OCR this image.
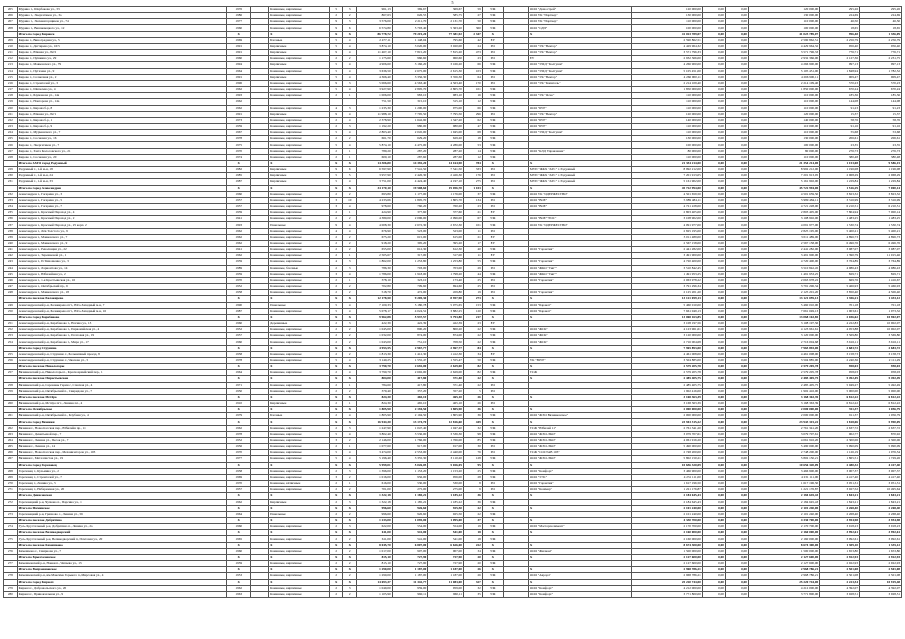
5
205	Мурино г., Шарбакова ул., 33	1976		Каменные, кирпичные	5	3	961,13	369,67	369,67	59	УЖ		ООО "Домострой"	120 000,00	0,00	0,00	120 000,00	295,26	295,26
206	Мурино г., Энергетиков ул., 3а	1986		Каменные, кирпичные	2	2	867,63	626,55	585,75	27	УЖ		ООО УК "Партнер"	130 000,00	0,00	0,00	130 000,00	224,69	224,69
207	Мурино г., Экскаваторщиков ул., 74	1977		Каменные, кирпичные	9	3	3 576,00	2 211,70	2 131,70	50	УЖ		ООО УК "Партнер"	110 000,00	0,00	0,00	110 000,00	46,50	46,50
208	Мурино г., Вишневецкого ул., 12	1960		Каменные, кирпичные	9	6	6 574,80	5 793,40	5 363,20	360	УЖ		ООО "СДП"	100 000,00	0,00	0,00	100 000,00	18,65	18,65
	Итого по город Кировск	X		X	X	X	86 778,72	79 219,20	77 381,92	2 347	X		X	41 023 789,07	0,00	0,00	41 023 789,07	996,48	1 356,09
209	Кирово г., Виноградная ул., 5	1969		Блочные	5	4	2 477,11	1 148,04	795,60	42	ЕУ			2 590 862,51	0,00	0,00	2 590 862,51	2 256,79	2 256,79
210	Кирово г., Дегтярева ул., 16/5	1991		Кирпичные	5	4	3 874,10	3 020,00	3 020,00	24	РО		ООО "УК "Вектор"	4 429 964,32	0,00	0,00	4 429 964,32	956,40	956,40
211	Кирово г., Южная ул., 82/2	1991		Кирпичные	9	4	11 467,10	7 815,20	7 815,20	473	РО		ООО "УК "Вектор"	3 571 796,33	0,00	0,00	3 571 796,33	776,71	776,71
212	Кирово г., Пушкина ул., 29	1960		Каменные, кирпичные	2	2	1 175,60	960,60	960,60	23	РО		ЕУ	2 932 366,00	0,00	0,00	2 932 366,00	2 127,36	2 231,75
213	Кирово г., Маяковского ул., 79	1994		Кирпичные	5	4	4 906,60	3 166,20	3 166,20	66	УЖ		ООО "УМД "Колтуши"	4 266 900,00	0,00	0,00	4 266 900,00	997,13	997,13
214	Кирово г., Пугачева ул., 9	1964		Каменные, кирпичные	5	4	3 636,50	2 675,00	2 615,30	103	УЖ		ООО "УМД "Колтуши"	5 105 451,00	0,00	0,00	5 105 451,00	1 848,94	1 782,52
215	Кирово г., Солнечная ул., 2	1991		Кирпичные	5	4	4 366,40	3 356,30	3 356,30	64	РО		ООО "УК "Вектор"	4 266 900,11	0,00	0,00	4 266 900,11	909,47	909,47
216	Кирово г., Строителей ул., 3	1996		Каменные, кирпичные	9	3	5 066,60	4 563,40	4 563,40	170	РО		ООО "УК "Капитель"	2 214 109,40	0,00	0,00	2 214 109,40	570,23	570,23
217	Кирово г., Шепелева ул., 4	1962		Каменные, кирпичные	5	4	3 927,90	2 805,70	2 805,70	101	УЖ			1 850 000,00	0,00	0,00	1 850 000,00	670,24	670,24
218	Кирово г., Бауманова ул., 14а	1993		Каменные, кирпичные	2	1	1 006,00	983,10	983,10	16	УЖ		ООО "УК "Ясно"	110 000,00	0,00	0,00	110 000,00	185,36	185,36
219	Кирово г., Новгорова ул., 14а	1962					751,50	315,10	315,10	12	УЖ			110 000,00	0,00	0,00	110 000,00	144,08	144,08
220	Кирово г., Кирова б-р, 8	1962		Каменные, кирпичные	4	3	1 235,30	1 200,00	975,00	66	УЖ		ООО "БУР"	110 000,00	0,00	0,00	110 000,00	91,23	91,23
221	Кирово г., Южная ул., 82/1	1991		Кирпичные	9	4	11 988,10	7 795,50	7 795,50	296	РО		ООО "УК "Вектор"	120 000,00	0,00	0,00	120 000,00	15,37	15,37
222	Кирово г., Кирова б-р, 1	1973		Каменные, кирпичные	2	4	2 378,90	1 642,90	1 347,20	62	УЖ		ООО "БУР"	140 000,00	0,00	0,00	140 000,00	58,76	58,76
223	Кирово г., Кирова б-р, 9	1959		Каменные, кирпичные	2	3	1 192,20	980,00	980,00	47	УЖ		ООО "БУР"	110 000,00	0,00	0,00	110 000,00	91,16	91,16
224	Кирово г., Мурманского ул., 7	1967		Каменные, кирпичные	5	4	2 863,40	2 045,00	1 945,00	68	УЖ		ООО "УМД "Колтуши"	110 000,00	0,00	0,00	110 000,00	55,68	53,68
225	Кирово г., Сосновая ул., 16	1978		Каменные, кирпичные	2	2	661,70	629,20	629,20	18	УЖ			130 000,00	0,00	0,00	130 000,00	206,61	206,61
226	Кирово г., Энергетиков ул., 7	1975		Каменные, кирпичные	5	4	5 874,10	4 475,00	4 286,00	53	УЖ			100 000,00	0,00	0,00	100 000,00	23,35	23,35
227	Кирово г., Злата Колосовского ул., 21	1970		Каменные, кирпичные	2	1	789,20	287,20	287,20	14	УЖ		ООО "КЛД Управление"	80 000,00	0,00	0,00	80 000,00	276,73	276,73
228	Кирово г., Сосновая ул., 20	1974		Каменные, кирпичные	2	1	600,10	287,60	287,60	12	УЖ			110 000,00	0,00	0,00	110 000,00	380,48	380,48
	Итого по ЗАТО город Радужный	X		X	X	X	14 306,80	14 392,20	14 164,90	784	X		X	21 354 214,00	0,00	0,00	21 354 214,00	1 153,08	9 586,15
229	Радужный г., 1-й м-н, 18	1982		Кирпичные	9	6	6 597,90	7 541,50	7 541,50	333	РО		МУП "ЖКХ "АТС" г. Радужный	8 992 212,00	0,00	0,00	8 992 212,00	1 196,08	1 196,08
230	Радужный г., 1-й м-н, 24	1985		Кирпичные	5	5	3 957,90	2 426,30	2 426,30	176	РО		МУП "ЖКХ "АТС" г. Радужный	7 201 913,05	0,00	0,00	7 201 913,05	2 968,29	2 968,29
231	Радужный г., 1-й м-н, 33	1987		Кирпичные	5	4	3 751,00	4 424,40	4 197,10	275	РО		МУП "ЖКХ "АТС" г. Радужный	5 161 902,00	0,00	0,00	5 161 902,00	1 229,84	1 229,84
	Итого по город Александров	X		X	X	X	34 170,10	19 508,60	19 056,70	1 103	X		X	45 722 994,00	0,00	0,00	45 722 994,00	1 516,29	7 000,14
232	Александров г., Гагарина ул., 3	1960		Каменные, кирпичные	2	2	693,80	1 177,00	1 176,00	37	УЖ		ООО УК "ОДЕРЖЕСТВО"	4 501 659,50	0,00	0,00	4 501 659,50	3 823,32	3 823,32
233	Александров г., Гагарина ул., 5	1957		Каменные, кирпичные	3	10	4 233,66	1 805,70	1 805,70	134	РО		ООО "ВОЕ"	5 989 484,11	0,00	0,00	5 989 484,11	3 316,99	3 316,99
234	Александров г., Гагарина ул., 7	1957		Каменные, кирпичные	3	4	978,60	760,20	760,20	23	РО		ООО "ВОЕ"	4 721 228,00	0,00	0,00	4 721 228,00	6 210,51	6 210,51
235	Александров г., Красный Пароход ул., 4	1939		Каменные, кирпичные	2	1	424,90	377,60	377,60	21	ЕУ			2 803 405,00	0,00	0,00	2 803 405,00	7 804,94	7 000,14
236	Александров г., Красный Пароход ул., 2	1941		Каменные, кирпичные	2	2	4 380,00	2 096,00	2 096,00	67	УЖ		ООО "ВОЕ""РОС"	3 108 902,00	0,00	0,00	3 108 902,00	1 483,25	1 483,25
237	Александров г., Красный Пароход ул., 25 корп. 2	1993		Панельные	9	4	4 008,30	2 672,30	2 672,30	101	УЖ		ООО УК "ОДЕРЖЕСТВО"	4 091 977,00	0,00	0,00	4 091 977,00	1 530,74	1 530,74
238	Александров г., Лёв Толстого ул., 9	1962		Каменные, кирпичные	4	4	676,90	523,00	523,00	11	РО			2 825 195,00	0,00	0,00	2 825 195,00	5 400,21	5 400,21
239	Александров г., Маяковского ул., 7	1962		Каменные, кирпичные	2	2	675,20	615,00	615,00	21	ЕУ			3 011 489,00	0,00	0,00	3 011 489,00	4 896,73	4 896,73
240	Александров г., Маяковского ул., 9	1962		Каменные, кирпичные	2	2	918,20	395,20	395,20	17	ЕУ			2 567 158,00	0,00	0,00	2 567 158,00	6 496,76	6 496,76
241	Александров г., Революции ул., 22	1941		Каменные, кирпичные	2	2	655,00	612,30	612,30	40	УЖ		ООО "Гарантия"	2 441 282,00	0,00	0,00	2 441 282,00	3 987,07	3 987,07
242	Александров г., Терешковой ул., 1	1962		Каменные, кирпичные	2	1	2 505,67	317,00	317,00	11	ЕУ			3 491 900,00	0,00	0,00	3 491 900,00	1 390,79	11 015,46
243	Александров г., П.Тимошенко ул., 3	1959		Каменные, кирпичные	4	3	1 862,00	1 253,80	1 253,80	55	УЖ		ООО "Гарантия"	4 720 400,00	0,00	0,00	4 720 400,00	3 764,89	3 764,89
244	Александров г., Ларионтова ул., 14	1989		Каменные, блочные	2	3	786,30	703,00	703,00	29	РО		ООО "ЖКО "Тип""	3 510 842,45	0,00	0,00	3 510 842,45	4 986,43	4 986,43
245	Александров г., Юбилейная ул., 2	1959		Каменные, кирпичные	3	4	1 786,00	1 918,00	1 798,20	44	УЖ		ООО "ЖКО "Тип""	1 491 953,25	0,00	0,00	1 491 953,25	829,71	829,71
246	Александров г., 1-я Крестьянская ул., 16	1970		Каменные, кирпичные	2	1	378,10	323,10	173,40	25	РО		ООО "Гарантия"	2 063 978,22	0,00	0,00	2 063 978,22	669,76	1 416,67
247	Александров г., Октябрьский пр., 6	1952		Каменные, кирпичные	2	2	702,80	709,60	694,60	25	РО			3 791 296,34	0,00	0,00	3 791 296,34	5 466,93	5 466,93
248	Александров г., Маяковского ул., 18	1958		Каменные, кирпичные	2	2	518,70	472,00	459,80	19	РО		ООО "Гарантия"	2 125 201,20	0,00	0,00	2 125 201,20	3 850,40	4 506,40
	Итого по поселок Балакирево	X		X	X	X	12 178,50	9 205,30	8 957,90	273	X		X	13 121 059,13	0,00	0,00	13 121 059,13	1 356,21	1 433,12
249	Александровский р-н, Балакирево пгт., Юго-Западный м-н, 7	1990		Панельные	5	4	7 100,33	5 180,78	5 075,65	153	УЖ		ООО "Баракат"	5 460 010,00	0,00	0,00	5 460 010,00	701,18	701,18
250	Александровский р-н, Балакирево пгт., Юго-Западный м-н, 16	1987		Каменные, кирпичные	5	4	5 078,17	4 024,52	3 882,25	120	УЖ		ООО "Баракат"	7 661 049,13	0,00	0,00	7 661 049,13	1 903,61	1 973,32
	Итого по город Карабаново	X		X	X	X	9 962,88	5 937,57	5 793,80	217	X		X	13 068 163,85	0,00	0,00	13 068 163,85	2 036,62	10 902,07
251	Александровский р-н, Карабаново г., Ногина ул., 13	1960		Деревянные	2	3	422,39	422,39	422,39	23	ЕУ			3 108 197,56	0,00	0,00	3 108 197,56	4 222,83	10 902,07
252	Александровский р-н, Карабаново г., Первомайская ул., 4	1952		Каменные, кирпичные	2	2	1 045,00	800,20	800,20	22	УЖ		ООО "ЖСК"	4 123 961,61	0,00	0,00	4 123 961,61	4 953,88	10 902,07
253	Александровский р-н, Карабаново г., Почтовая ул., 19	1957		Каменные, кирпичные	2	2	1 032,00	874,00	874,00	22	УЖ		ООО "ЖСК"	3 120 000,00	0,00	0,00	3 120 000,00	3 569,80	3 569,80
254	Александровский р-н, Карабаново г., Мира ул., 17	1960		Каменные, кирпичные	2	2	1 043,00	751,10	708,50	22	УЖ		ООО "ЖСК"	2 716 004,68	0,00	0,00	2 716 004,68	3 616,11	3 616,11
	Итого по город Струнино	X		X	X	X	4 953,55	2 967,77	2 967,77	84	X		X	7 965 893,00	0,00	0,00	7 965 893,00	2 683,72	2 683,72
255	Александровский р-н, Струнино г., Больничный проезд, 8	1958		Каменные, кирпичные	2	2	1 813,30	1 412,30	1 412,30	34	ЕУ			4 461 008,00	0,00	0,00	4 461 008,00	3 158,73	3 158,73
256	Александровский р-н, Струнино г., Чкалова ул., 5	1978		Каменные, кирпичные	5	4	3 140,25	1 555,47	1 555,47	50	УЖ		УК "ЮУР"	3 504 885,00	0,00	0,00	3 504 885,00	2 240,36	2 111,29
	Итого по поселок Никологоры	X		X	X	X	3 790,70	2 692,00	2 629,00	82	X		X	2 579 205,78	0,00	0,00	2 579 205,78	958,03	958,03
257	Вязниковский р-н, Никологоры п., Красноармейский пер., 1	1964		Каменные, кирпичные	2	4	3 790,70	2 692,00	2 629,00	82	УЖ		ТСЖ	2 579 205,78	0,00	0,00	2 579 205,78	958,03	958,03
	Итого по поселок Пиростьевсков	X		X	X	X	804,00	417,80	371,40	22	X		X	2 485 405,75	0,00	0,00	2 485 405,75	5 492,49	5 492,49
258	Вязниковский р-н, Сарованы Гарин с, Спасная ул., 4	1971		Каменные, кирпичные	2	1	784,60	417,80	371,40	22	РО			2 485 405,75	0,00	0,00	2 485 405,75	5 949,27	5 492,49
259	Вязниковский р-н, Октябрьский п., Свиридова ул., 7	1950		Каменные, кирпичные	2	2	379,40	357,20	357,20	5	РО			1 902 416,00	0,00	0,00	1 902 416,00	5 000,00	5 000,00
	Итого по поселок Мстёра	X		X	X	X	824,30	465,10	465,10	26	X		X	3 168 363,39	0,00	0,00	3 168 363,39	6 812,22	6 812,22
260	Вязниковский р-н, Мстёра пгт., Ленина пл., 4	1910		Кирпичные	2	1	824,30	465,10	465,10	26	РО			3 168 363,39	0,00	0,00	3 168 363,39	6 812,22	6 812,22
	Итого по Осиябрьское	X		X	X	X	1 805,90	2 194,50	1 805,90	36	X		X	2 000 000,00	0,00	0,00	2 000 000,00	911,37	1 056,79
261	Вязниковский р-н, Октябрьский п., Клубная ул., 4	1979		Блочные	2	4	1 805,90	2 194,50	1 805,90	36	УЖ		ООО "ЖЭО Вязниковское"	2 000 000,00	0,00	0,00	2 000 000,00	911,37	1 056,79
	Итого по город Вязники	X		X	X	X	16 944,30	13 174,70	12 816,60	449	X		X	23 943 315,22	0,00	0,00	23 943 315,22	1 818,06	5 990,09
262	Вязники г., Новоспасская пер., Юбилейн пр., 11	1962		Каменные, кирпичные	2	3	1 247,90	1 047,40	1 047,40	32	УЖ		ТСЖ "Юбилей 11"	2 761 341,20	0,00	0,00	2 761 341,20	2 637,72	2 637,72
263	Вязники г., Деметьевой пер., 7	1978		Каменные, кирпичные	5	4	3 802,40	3 536,00	3 536,30	98	УЖ		ООО "ЖЭО-ЭКО"	3 079 707,61	0,00	0,00	3 079 707,61	902,77	870,92
264	Вязники г., Ленина ул., Песок ул., 7	1952		Каменные, кирпичные	3	2	2 146,00	1 766,00	1 766,00	85	УЖ		ООО "ЖЭО-ЭКО"	4 061 916,20	0,00	0,00	4 061 916,20	2 300,06	2 300,06
265	Вязники г., Ленина ул., 14	1956		Каменные, кирпичные	2	1	1 077,60	917,00	917,00	30	РО		ООО "ЖЭО-ЭКО"	5 490 000,00	0,00	0,00	5 490 000,00	5 990,09	5 990,09
266	Вязники г., Новоспасская пер., Механизаторов ул., 103	1970		Каменные, кирпичные	5	4	3 474,00	2 553,00	2 440,00	76	РО		ТСЖ "СОСТАВ 103"	2 748 200,00	0,00	0,00	2 748 200,00	1 126,19	1 076,54
267	Вязники г., Металлистов ул., 19	1977		Каменные, кирпичные	5	4	5 196,40	3 355,30	3 110,20	128	УЖ		ООО "ЖЭО-ЭКО"	5 802 150,21	0,00	0,00	5 802 150,21	1 865,51	1 729,26
	Итого по город Гороховец	X		X	X	X	5 999,01	5 026,05	5 026,05	95	X		X	10 656 320,09	0,00	0,00	10 656 320,09	2 480,32	4 417,40
268	Гороховец г., Кузьмина ул., 2	1958		Каменные, кирпичные	2	3	1 396,00	1 153,20	1 153,20	25	УЖ		ООО "Комфорт"	3 466 900,00	0,00	0,00	3 466 900,00	3 007,37	3 007,37
269	Гороховец г., Строителей ул., 7	1969		Каменные, кирпичные	3	2	1 016,00	956,00	956,00	28	УЖ		ООО "УЭС"	4 231 111,00	0,00	0,00	4 231 111,00	4 417,40	4 417,40
270	Гороховец г., Ленина ул., 5	1970		Каменные, кirпичные	2	1	616,00	530,00	530,00	8	РО		ООО "Гарантия"	1 617 196,50	0,00	0,00	1 617 196,50	3 051,31	3 051,31
271	Гороховец г., Набережная ул., 20	1957		Каменные, кирпичные	2	2	701,00	275,00	275,00	9	РО		ООО "Кошмар"	1 221 176,87	0,00	0,00	1 221 176,87	3 927,52	10 495,64
	Итого по Денисовская	X		X	X	X	1 322,18	1 185,22	1 185,22	36	X		X	2 184 645,43	0,00	0,00	2 184 645,43	1 843,21	1 843,21
272	Гороховецкий р-н, Чулково п., Парсина ул., 1	1962		Кирпичные	2	3	1 322,18	1 185,22	1 185,22	36	УЖ			2 184 645,43	0,00	0,00	2 184 645,43	1 843,21	1 843,21
	Итого по Фоминское	X		X	X	X	996,60	926,60	925,50	22	X		X	2 101 240,00	0,00	0,00	2 101 240,00	2 268,40	2 268,40
273	Гороховецкий р-н, Грязново с., Ленина ул., 56	1964		Панельные	2	2	996,60	926,60	925,50	22	УЖ			2 101 240,00	0,00	0,00	2 101 240,00	2 268,40	2 268,40
	Итого по поселок Добрятино	X		X	X	X	1 233,00	1 095,00	1 095,00	37	X		X	4 330 700,00	0,00	0,00	4 330 700,00	3 954,98	3 954,98
274	Гусь-Хрустальный р-н, Добрятино п., Ленина ул., 2а	1960		Каменные, кирпичные	2	3	622,00	554,00	554,00	19	УЖ		ООО "Мастерполимент"	2 170 700,00	0,00	0,00	2 170 700,00	3 918,23	3 918,23
	Итого по поселок Великодворский	X		X	X	X	611,00	541,00	541,00	18	X		X	2 160 000,00	0,00	0,00	2 160 000,00	3 992,61	3 992,61
275	Гусь-Хрустальный р-н, Великодворский п, Почтовая ул., 20	1965		Каменные, кирпичные	2	2	611,00	541,00	541,00	18	УЖ			2 160 000,00	0,00	0,00	2 160 000,00	3 992,61	3 992,61
	Итого по поселок Камешково	X		X	X	X	8 045,70	6 807,00	6 626,00	222	X		X	8 674 300,00	0,00	0,00	8 674 300,00	1 309,10	1 335,12
276	Камешково г., Смирнова ул., 7	1960		Каменные, кирпичные	2	2	1 017,00	907,00	907,00	34	УЖ		ООО "Жилком"	1 500 000,00	0,00	0,00	1 500 000,00	1 653,80	1 653,80
	Итого по Брызгаловское	X		X	X	X	815,10	727,90	727,90	20	X		X	2 127 600,00	0,00	0,00	2 127 600,00	2 922,93	2 922,93
277	Камешковский р-н, Новки п., Чапаева ул., 13	1959		Каменные, кирпичные	2	2	815,10	727,90	727,90	20	УЖ			2 127 600,00	0,00	0,00	2 127 600,00	2 922,93	2 922,93
	Итого по Вопрзовновское	X		X	X	X	1 290,00	1 187,00	1 187,00	26	X		X	2 968 786,21	0,00	0,00	2 968 786,21	2 501,08	2 501,08
278	Камешковский р-н, им.Максима Горького п.,Мирсовая ул., 4	1953		Каменные, кирпичные	2	2	1 290,00	1 187,00	1 187,00	26	УЖ		ООО "Аврора"	2 968 786,21	0,00	0,00	2 968 786,21	2 501,08	2 501,08
	Итого по город Киржач	X		X	X	X	14 693,37	11 342,77	11 083,00	327	X		X	25 220 744,00	0,00	0,00	25 220 744,00	2 223,54	10 919,48
279	Киржач г., Добровольского ул., 20	1962		Каменные, кирпичные	2	3	1 049,00	959,00	959,00	32	УЖ		ООО "Комфорт"	4 212 000,00	0,00	0,00	4 212 000,00	4 392,07	4 392,07
280	Киржач г., Привокзальная ул., 9	1963		Каменные, кирпичные	2	2	1 105,90	960,11	960,11	35	УЖ		ООО "Комфорт"	3 771 800,00	0,00	0,00	3 771 800,00	3 928,51	3 928,51
